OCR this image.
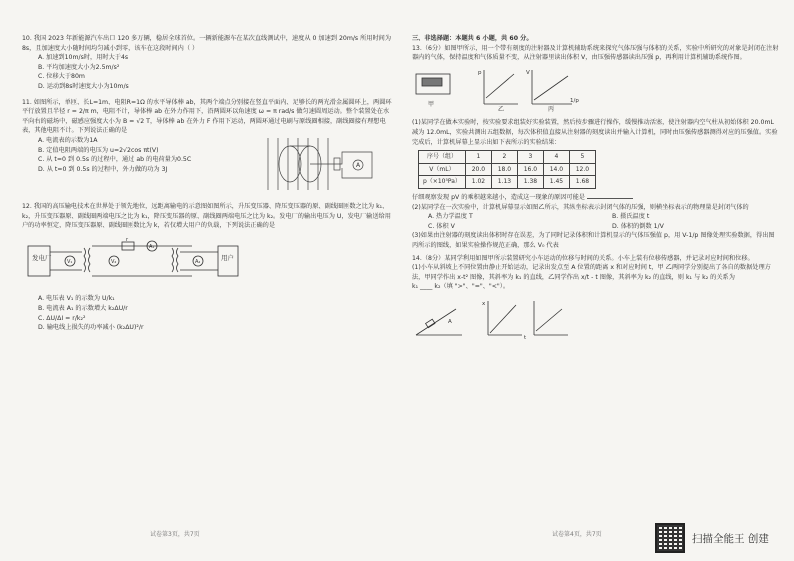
10. 我国 2023 年新能源汽车出口 120 多万辆，稳居全球首位。一辆新能源车在某次直线测试中，速度从 0 加速到 20m/s 所用时间为8s，且加速度大小随时间均匀减小到零，该车在这段时间内（ ）
A. 加速到10m/s时，用时大于4s
B. 平均加速度大小为2.5m/s²
C. 位移大于80m
D. 运动到8s时速度大小为10m/s
11. 如图所示，单匝、长L=1m、电阻R=1Ω 的水平导体棒 ab，其两个端点分别接在竖直平面内、足够长的两光滑金属圆环上，两圆环平行放置且半径 r = 2/π m，电阻不计，导体棒 ab 在外力作用下，沿两圆环以角速度 ω = π rad/s 做匀速圆周运动。整个装置处在水平向右的磁场中，磁感应强度大小为 B = √2 T，导体棒 ab 在外力 F 作用下运动，两圆环通过电刷与原线圈相接，副线圈接有理想电表，其他电阻不计。下列说法正确的是
A. 电流表的示数为1A
B. 定值电阻两端的电压为 u=2√2cos πt(V)
C. 从 t=0 到 0.5s 的过程中，通过 ab 的电荷量为0.5C
D. 从 t=0 到 0.5s 的过程中，外力做的功为 3J
A
12. 我国的高压输电技术在世界处于领先地位，远距离输电的示意图如图所示，升压变压器、降压变压器的原、副线圈匝数之比为 k₁、k₂，升压变压器原、副线圈两端电压之比为 k₁，降压变压器的原、副线圈两端电压之比为 k₂。发电厂的输出电压为 U，发电厂输送给用户的功率恒定，降压变压器原、副线圈匝数比为 k，若仅增大用户的负载，下列说法正确的是
发电厂	用户
V₁	V₂
A₁
A₂
r
A. 电压表 V₁ 的示数为 U/k₁
B. 电流表 A₁ 的示数增大 k₂ΔU/r
C. ΔU/ΔI = r/k₂²
D. 输电线上损失的功率减小 (k₂ΔU)²/r
试卷第3页，共7页
三、非选择题：本题共 6 小题，共 60 分。
13.（6分）如图甲所示，用一个带有刻度的注射器及计算机辅助系统来探究气体压强与体积的关系，实验中所研究的对象是封闭在注射器内的气体，保持温度和气体质量不变，从注射器里读出体积 V，由压强传感器读出压强 p，再利用计算机辅助系统作图。
甲
乙	丙
p	V
1/p
(1)某同学在做本实验时，按实验要求组装好实验装置，然后按步骤进行操作，缓慢推动活塞，使注射器内空气柱从初始体积 20.0mL 减为 12.0mL，实验共测出五组数据，每次体积值直接从注射器的刻度读出并输入计算机，同时由压强传感器测得对应的压强值。实验完成后，计算机屏幕上显示出如下表所示的实验结果：
序号（组）	1	2	3	4	5
V（mL）	20.0	18.0	16.0	14.0	12.0
p（×10⁵Pa）	1.02	1.13	1.38	1.45	1.68
仔细观察发现 pV 的乘积越来越小，造成这一现象的原因可能是
(2)某同学在一次实验中，计算机屏幕显示如图乙所示，其纵坐标表示封闭气体的压强，则横坐标表示的物理量是封闭气体的
A. 热力学温度 T	B. 摄氏温度 t
C. 体积 V	D. 体积的倒数 1/V
(3)如果由注射器的刻度读出体积时存在误差，为了同时记录体积和计算机显示的气体压强值 p，用 V-1/p 图像处理实验数据，得出图丙所示的图线，如果实验操作规范正确，那么 V₀ 代表
14.（8分）某同学利用如图甲所示装置研究小车运动的位移与时间的关系。小车上装有位移传感器，并记录对应时间和位移。
(1)小车从斜坡上不同位置由静止开始运动，记录出发点至 A 位置的距离 x 和对应时间 t，甲 乙两同学分别提出了各自的数据处理方法，甲同学作出 x-t² 图像，其斜率为 k₁ 的直线，乙同学作出 x/t - t 图像，其斜率为 k₂ 的直线，则 k₁ 与 k₂ 的关系为
k₁ ____ k₂（填 ">"、"="、"<"）。
A
x
t
试卷第4页，共7页	扫描全能王 创建
